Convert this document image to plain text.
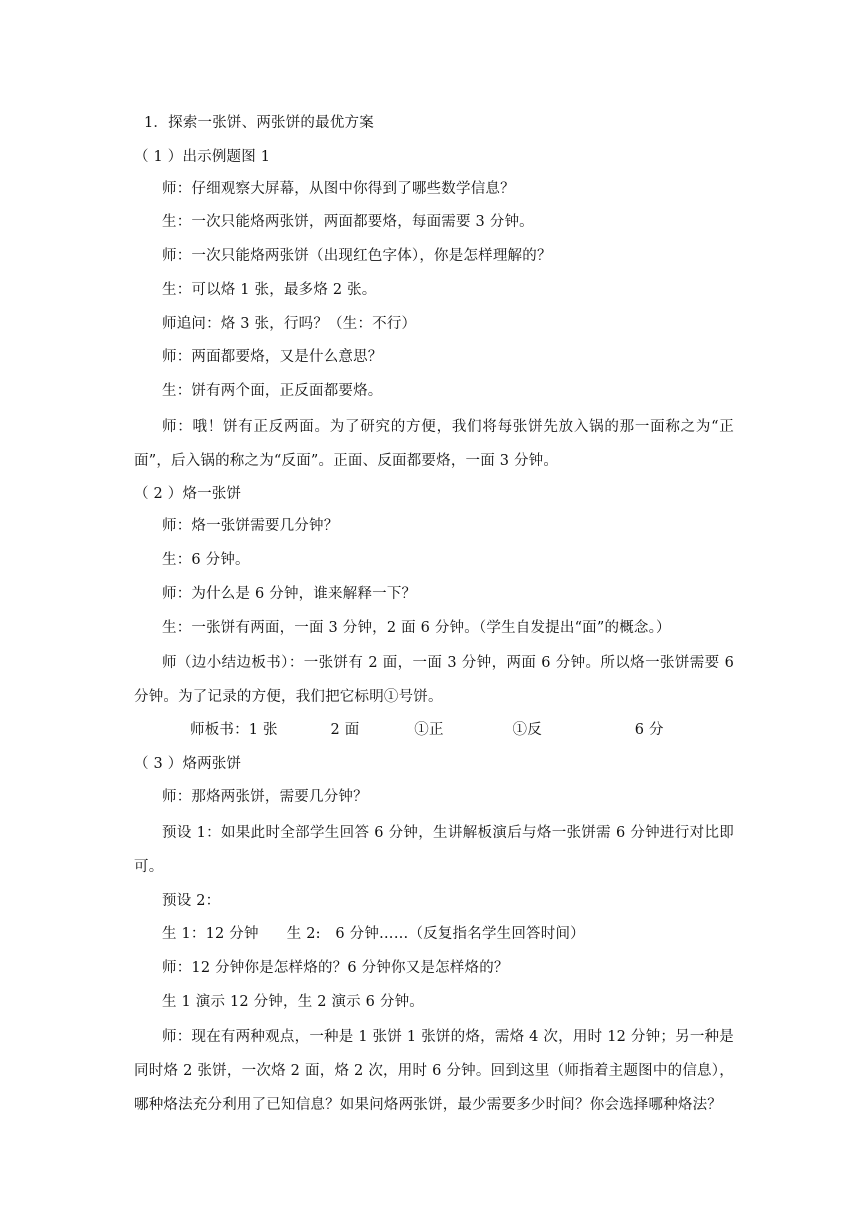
1．探索一张饼、两张饼的最优方案
（ 1 ）出示例题图 1
师：仔细观察大屏幕，从图中你得到了哪些数学信息？
生：一次只能烙两张饼，两面都要烙，每面需要 3 分钟。
师：一次只能烙两张饼（出现红色字体），你是怎样理解的？
生：可以烙 1 张，最多烙 2 张。
师追问：烙 3 张，行吗？（生：不行）
师：两面都要烙，又是什么意思？
生：饼有两个面，正反面都要烙。
师：哦！饼有正反两面。为了研究的方便，我们将每张饼先放入锅的那一面称之为“正面”，后入锅的称之为“反面”。正面、反面都要烙，一面 3 分钟。
（ 2 ）烙一张饼
师：烙一张饼需要几分钟？
生：6 分钟。
师：为什么是 6 分钟，谁来解释一下？
生：一张饼有两面，一面 3 分钟，2 面 6 分钟。（学生自发提出“面”的概念。）
师（边小结边板书）：一张饼有 2 面，一面 3 分钟，两面 6 分钟。所以烙一张饼需要 6 分钟。为了记录的方便，我们把它标明①号饼。
师板书：1 张	2 面	①正	①反	6 分
（ 3 ）烙两张饼
师：那烙两张饼，需要几分钟？
预设 1：如果此时全部学生回答 6 分钟，生讲解板演后与烙一张饼需 6 分钟进行对比即可。
预设 2：
生 1：12 分钟 生 2:　6 分钟……（反复指名学生回答时间）
师：12 分钟你是怎样烙的？6 分钟你又是怎样烙的？
生 1 演示 12 分钟，生 2 演示 6 分钟。
师：现在有两种观点，一种是 1 张饼 1 张饼的烙，需烙 4 次，用时 12 分钟；另一种是同时烙 2 张饼，一次烙 2 面，烙 2 次，用时 6 分钟。回到这里（师指着主题图中的信息），哪种烙法充分利用了已知信息？如果问烙两张饼，最少需要多少时间？你会选择哪种烙法？
